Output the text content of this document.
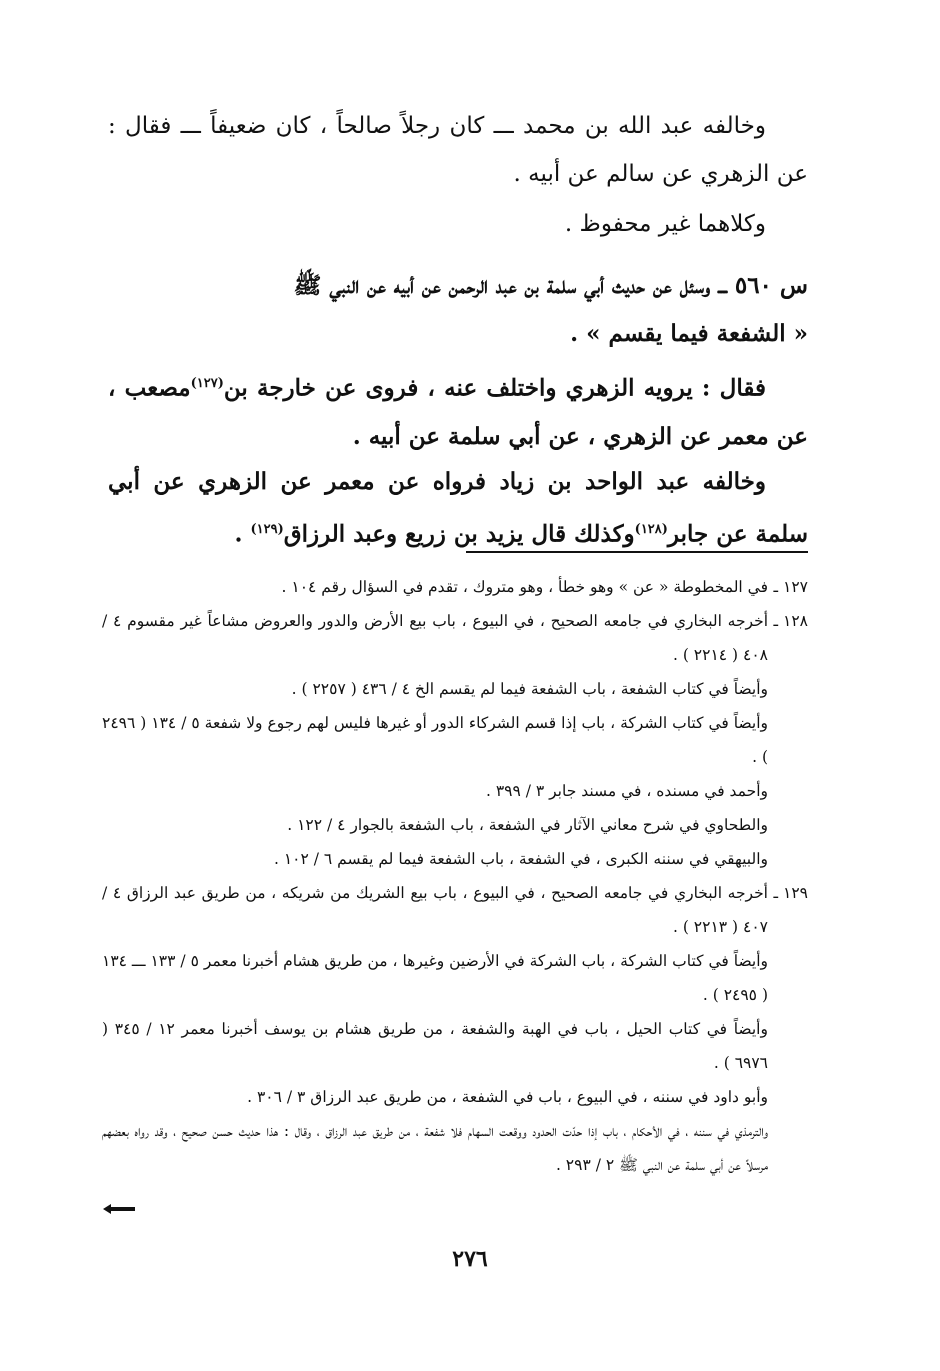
وخالفه عبد الله بن محمد ـــ كان رجلاً صالحاً ، كان ضعيفاً ـــ فقال : عن الزهري عن سالم عن أبيه .

وكلاهما غير محفوظ .

س ٥٦٠ ـــ وسئل عن حديث أبي سلمة بن عبد الرحمن عن أبيه عن النبي ﷺ

« الشفعة فيما يقسم » .

فقال : يرويه الزهري واختلف عنه ، فروى عن خارجة بن$^{(١٢٧)}$مصعب ، عن معمر عن الزهري ، عن أبي سلمة عن أبيه .

وخالفه عبد الواحد بن زياد فرواه عن معمر عن الزهري عن أبي سلمة عن جابر$^{(١٢٨)}$وكذلك قال يزيد بن زريع وعبد الرزاق$^{(١٢٩)}$ .

١٢٧ ـ
في المخطوطة « عن » وهو خطأ ، وهو متروك ، تقدم في السؤال رقم ١٠٤ .
١٢٨ ـ
أخرجه البخاري في جامعه الصحيح ، في البيوع ، باب بيع الأرض والدور والعروض مشاعاً غير مقسوم ٤ / ٤٠٨ ( ٢٢١٤ ) .
وأيضاً في كتاب الشفعة ، باب الشفعة فيما لم يقسم الخ ٤ / ٤٣٦ ( ٢٢٥٧ ) .
وأيضاً في كتاب الشركة ، باب إذا قسم الشركاء الدور أو غيرها فليس لهم رجوع ولا شفعة ٥ / ١٣٤ ( ٢٤٩٦ ) .
وأحمد في مسنده ، في مسند جابر ٣ / ٣٩٩ .
والطحاوي في شرح معاني الآثار في الشفعة ، باب الشفعة بالجوار ٤ / ١٢٢ .
والبيهقي في سننه الكبرى ، في الشفعة ، باب الشفعة فيما لم يقسم ٦ / ١٠٢ .
١٢٩ ـ
أخرجه البخاري في جامعه الصحيح ، في البيوع ، باب بيع الشريك من شريكه ، من طريق عبد الرزاق ٤ / ٤٠٧ ( ٢٢١٣ ) .
وأيضاً في كتاب الشركة ، باب الشركة في الأرضين وغيرها ، من طريق هشام أخبرنا معمر ٥ / ١٣٣ ـــ ١٣٤ ( ٢٤٩٥ ) .
وأيضاً في كتاب الحيل ، باب في الهبة والشفعة ، من طريق هشام بن يوسف أخبرنا معمر ١٢ / ٣٤٥ ( ٦٩٧٦ ) .
وأبو داود في سننه ، في البيوع ، باب في الشفعة ، من طريق عبد الرزاق ٣ / ٣٠٦ .
والترمذي في سننه ، في الأحكام ، باب إذا حدّت الحدود ووقعت السهام فلا شفعة ، من طريق عبد الرزاق ، وقال : هذا حديث حسن صحيح ، وقد رواه بعضهم مرسلاً عن أبي سلمة عن النبي ﷺ ٢ / ٢٩٣ .
٢٧٦
